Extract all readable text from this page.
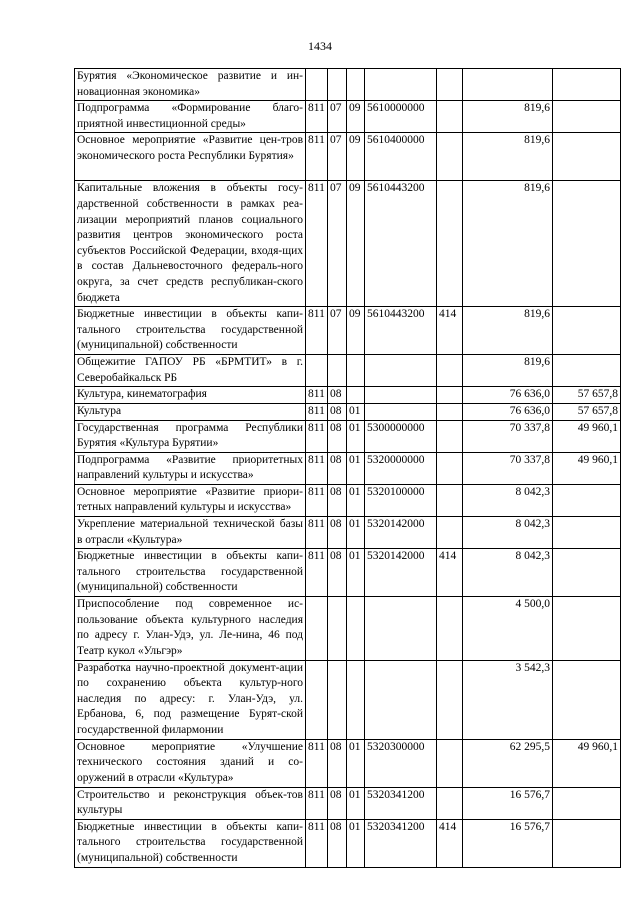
1434
Бурятия «Экономическое развитие и ин-новационная экономика»							
Подпрограмма «Формирование благо-приятной инвестиционной среды»	811	07	09	5610000000		819,6	
Основное мероприятие «Развитие цен-тров экономического роста Республики Бурятия»	811	07	09	5610400000		819,6	
Капитальные вложения в объекты госу-дарственной собственности в рамках реа-лизации мероприятий планов социального развития центров экономического роста субъектов Российской Федерации, входя-щих в состав Дальневосточного федераль-ного округа, за счет средств республикан-ского бюджета	811	07	09	5610443200		819,6	
Бюджетные инвестиции в объекты капи-тального строительства государственной (муниципальной) собственности	811	07	09	5610443200	414	819,6	
Общежитие ГАПОУ РБ «БРМТИТ» в г. Северобайкальск РБ						819,6	
Культура, кинематография	811	08				76 636,0	57 657,8
Культура	811	08	01			76 636,0	57 657,8
Государственная программа Республики Бурятия «Культура Бурятии»	811	08	01	5300000000		70 337,8	49 960,1
Подпрограмма «Развитие приоритетных направлений культуры и искусства»	811	08	01	5320000000		70 337,8	49 960,1
Основное мероприятие «Развитие приори-тетных направлений культуры и искусства»	811	08	01	5320100000		8 042,3	
Укрепление материальной технической базы в отрасли «Культура»	811	08	01	5320142000		8 042,3	
Бюджетные инвестиции в объекты капи-тального строительства государственной (муниципальной) собственности	811	08	01	5320142000	414	8 042,3	
Приспособление под современное ис-пользование объекта культурного наследия по адресу г. Улан-Удэ, ул. Ле-нина, 46 под Театр кукол «Ульгэр»						4 500,0	
Разработка научно-проектной документ-ации по сохранению объекта культур-ного наследия по адресу: г. Улан-Удэ, ул. Ербанова, 6, под размещение Бурят-ской государственной филармонии						3 542,3	
Основное мероприятие «Улучшение технического состояния зданий и со-оружений в отрасли «Культура»	811	08	01	5320300000		62 295,5	49 960,1
Строительство и реконструкция объек-тов культуры	811	08	01	5320341200		16 576,7	
Бюджетные инвестиции в объекты капи-тального строительства государственной (муниципальной) собственности	811	08	01	5320341200	414	16 576,7	
